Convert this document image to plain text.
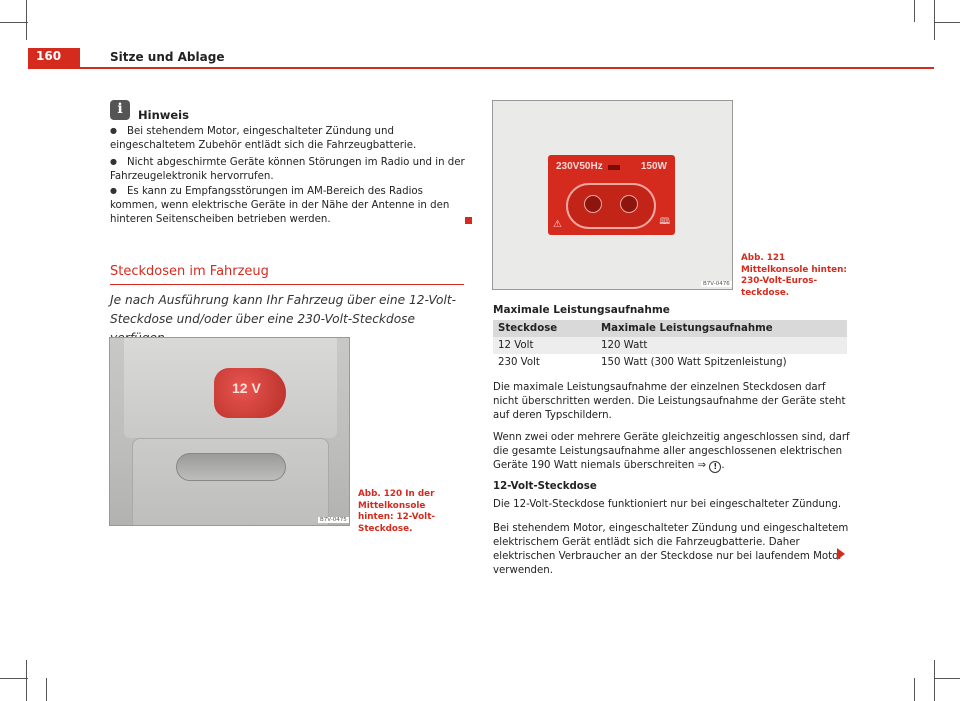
160	Sitze und Ablage
i	Hinweis
● Bei stehendem Motor, eingeschalteter Zündung und eingeschaltetem Zubehör entlädt sich die Fahrzeugbatterie.
● Nicht abgeschirmte Geräte können Störungen im Radio und in der Fahrzeugelektronik hervorrufen.
● Es kann zu Empfangsstörungen im AM-Bereich des Radios kommen, wenn elektrische Geräte in der Nähe der Antenne in den hinteren Seitenscheiben betrieben werden.
Steckdosen im Fahrzeug
Je nach Ausführung kann Ihr Fahrzeug über eine 12-Volt-Steckdose und/oder über eine 230-Volt-Steckdose
12 V
B7V-0475
Abb. 120 In der Mittelkonsole hinten: 12-Volt-Steckdose.
230V50Hz	150W
⚠	🕮
B7V-0476
Abb. 121 Mittelkonsole hinten: 230-Volt-Eurosteckdose.
Maximale Leistungsaufnahme
Steckdose	Maximale Leistungsaufnahme
12 Volt	120 Watt
230 Volt	150 Watt (300 Watt Spitzenleistung)
Die maximale Leistungsaufnahme der einzelnen Steckdosen darf nicht überschritten werden. Die Leistungsaufnahme der Geräte steht auf deren Typschildern.
Wenn zwei oder mehrere Geräte gleichzeitig angeschlossen sind, darf die gesamte Leistungsaufnahme aller angeschlossenen elektrischen Geräte 190 Watt niemals überschreiten ⇒ ! .
12-Volt-Steckdose
Die 12-Volt-Steckdose funktioniert nur bei eingeschalteter Zündung.
Bei stehendem Motor, eingeschalteter Zündung und eingeschaltetem elektrischem Gerät entlädt sich die Fahrzeugbatterie. Daher elektrischen Verbraucher an der Steckdose nur bei laufendem Motor verwenden.
